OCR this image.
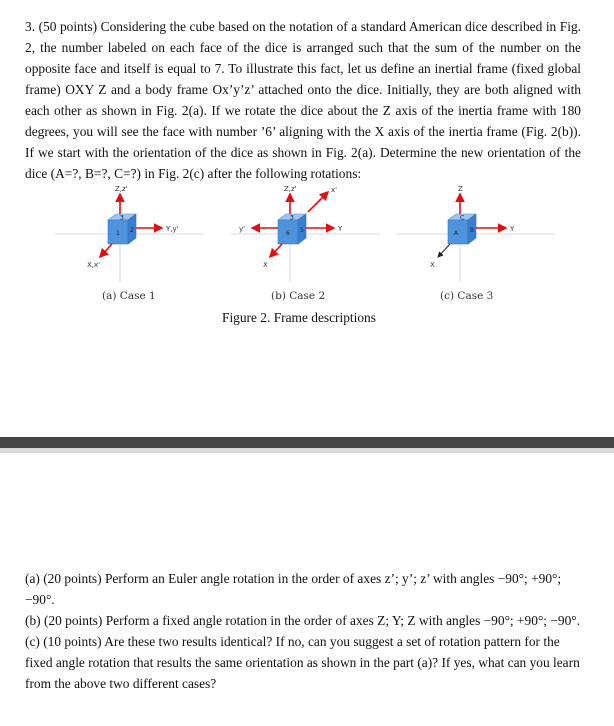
3. (50 points) Considering the cube based on the notation of a standard American dice described in Fig. 2, the number labeled on each face of the dice is arranged such that the sum of the number on the opposite face and itself is equal to 7. To illustrate this fact, let us define an inertial frame (fixed global frame) OXY Z and a body frame Ox’y’z’ attached onto the dice. Initially, they are both aligned with each other as shown in Fig. 2(a). If we rotate the dice about the Z axis of the inertia frame with 180 degrees, you will see the face with number ’6’ aligning with the X axis of the inertia frame (Fig. 2(b)). If we start with the orientation of the dice as shown in Fig. 2(a). Determine the new orientation of the dice (A=?, B=?, C=?) in Fig. 2(c) after the following rotations:
3
1 2
Z,z'
Y,y'
X,x'
3
6 5
Z,z'	x'
Y
y'
X
C
A B
Z
Y
X
(a) Case 1	(b) Case 2	(c) Case 3
Figure 2. Frame descriptions

(a) (20 points) Perform an Euler angle rotation in the order of axes z’; y’; z’ with angles −90°; +90°; −90°.

(b) (20 points) Perform a fixed angle rotation in the order of axes Z; Y; Z with angles −90°; +90°; −90°.

(c) (10 points) Are these two results identical? If no, can you suggest a set of rotation pattern for the fixed angle rotation that results the same orientation as shown in the part (a)? If yes, what can you learn from the above two different cases?
